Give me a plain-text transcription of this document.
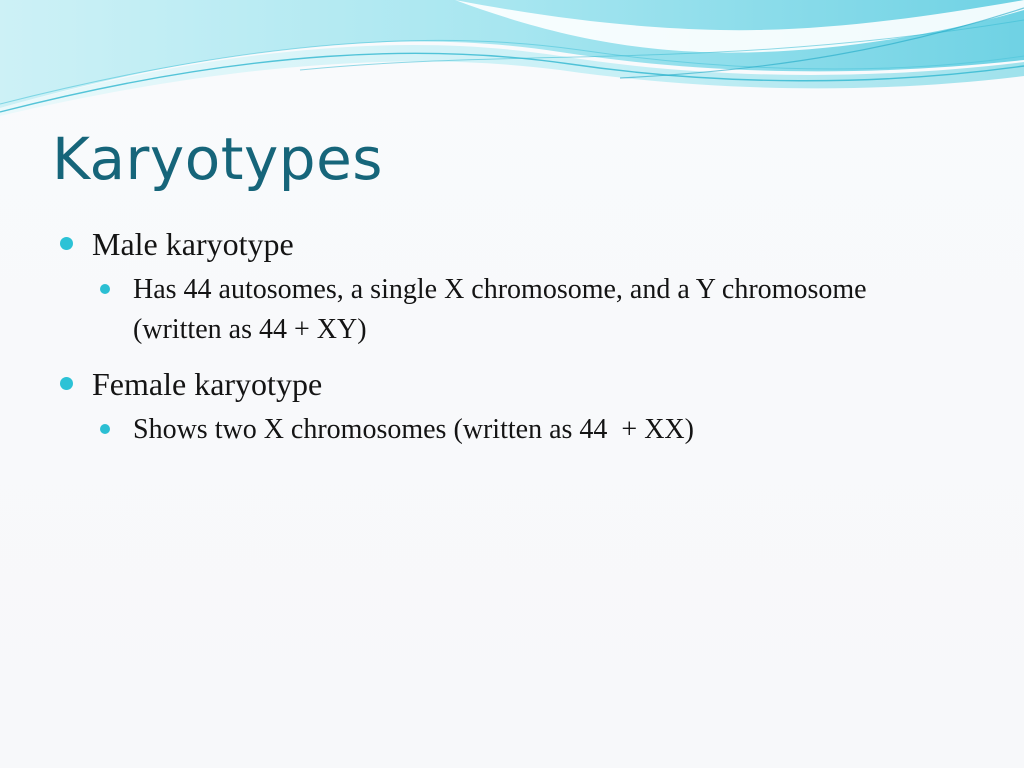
Karyotypes
Male karyotype
Has 44 autosomes, a single X chromosome, and a Y chromosome (written as 44 + XY)
Female karyotype
Shows two X chromosomes (written as 44  + XX)
